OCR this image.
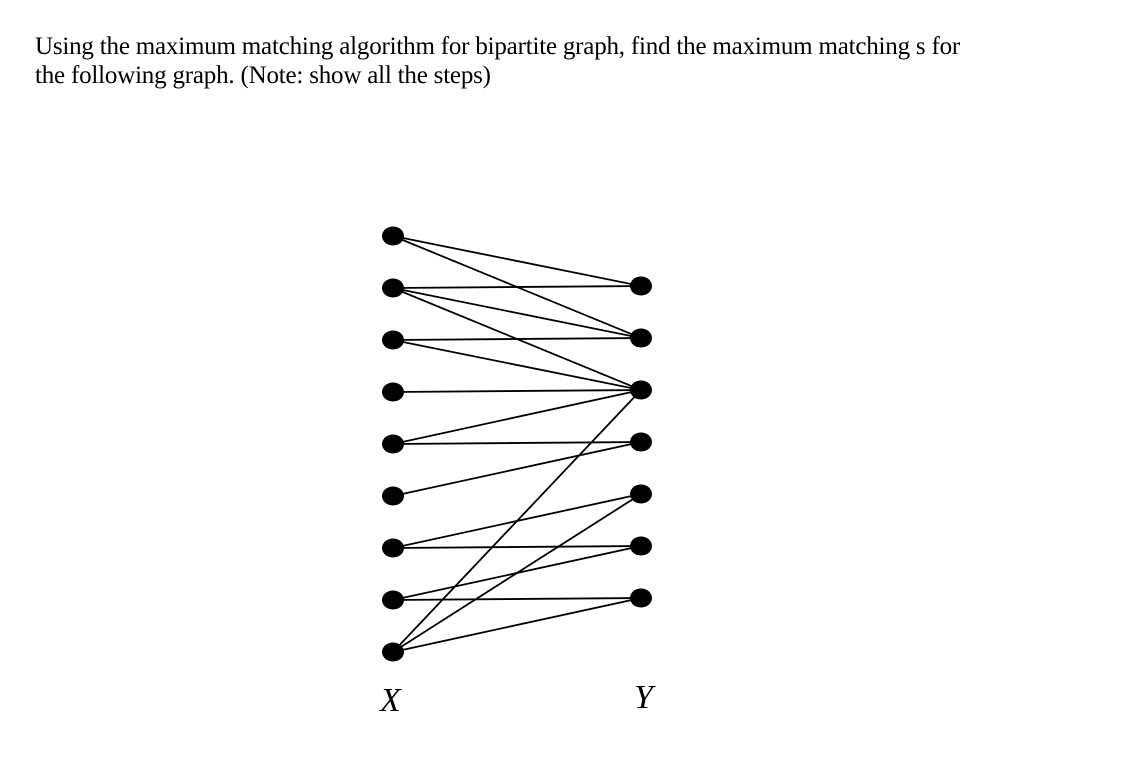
Using the maximum matching algorithm for bipartite graph, find the maximum matching s for
the following graph. (Note: show all the steps)
X	Y
